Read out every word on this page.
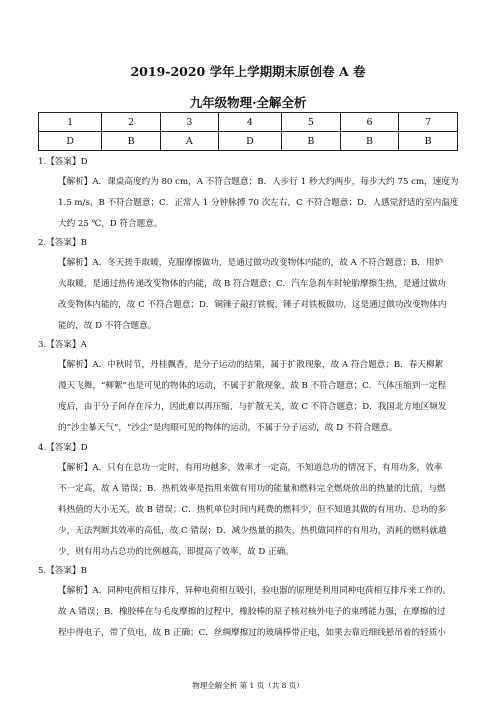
2019-2020 学年上学期期末原创卷 A 卷
九年级物理·全解全析
1	2	3	4	5	6	7
D	B	A	D	B	B	B
1.【答案】D
【解析】A．课桌高度约为 80 cm，A 不符合题意；B．人步行 1 秒大约两步，每步大约 75 cm，速度为
1.5 m/s，B 不符合题意；C．正常人 1 分钟脉搏 70 次左右，C 不符合题意；D．人感觉舒适的室内温度
大约 25 ℃，D 符合题意。
2.【答案】B
【解析】A．冬天搓手取暖，克服摩擦做功，是通过做功改变物体内能的，故 A 不符合题意；B．用炉
火取暖，是通过热传递改变物体的内能，故 B 符合题意；C．汽车急刹车时轮胎摩擦生热，是通过做功
改变物体内能的，故 C 不符合题意；D．铜锤子敲打铁板，锤子对铁板做功，这是通过做功改变物体内
能的，故 D 不符合题意。
3.【答案】A
【解析】A．中秋时节，丹桂飘香，是分子运动的结果，属于扩散现象，故 A 符合题意；B．春天柳絮
漫天飞舞，“柳絮”也是可见的物体的运动，不属于扩散现象，故 B 不符合题意；C．气体压缩到一定程
度后，由于分子间存在斥力，因此难以再压缩，与扩散无关，故 C 不符合题意；D．我国北方地区频发
的“沙尘暴天气”，“沙尘”是肉眼可见的物体的运动，不属于分子运动，故 D 不符合题意。
4.【答案】D
【解析】A．只有在总功一定时，有用功越多，效率才一定高，不知道总功的情况下，有用功多，效率
不一定高，故 A 错误；B．热机效率是指用来做有用功的能量和燃料完全燃烧放出的热量的比值，与燃
料热值的大小无关，故 B 错误；C．热机单位时间内耗费的燃料少，但不知道其做的有用功、总功的多
少，无法判断其效率的高低，故 C 错误；D．减少热量的损失，热机做同样的有用功，消耗的燃料就越
少，则有用功占总功的比例越高，即提高了效率，故 D 正确。
5.【答案】B
【解析】A．同种电荷相互排斥，异种电荷相互吸引，验电器的原理是利用同种电荷相互排斥来工作的。
故 A 错误；B．橡胶棒在与毛皮摩擦的过程中，橡胶棒的原子核对核外电子的束缚能力强，在摩擦的过
程中得电子，带了负电，故 B 正确；C．丝绸摩擦过的玻璃棒带正电，如果去靠近细线悬吊着的轻质小
物理全解全析 第 1 页（共 8 页）
